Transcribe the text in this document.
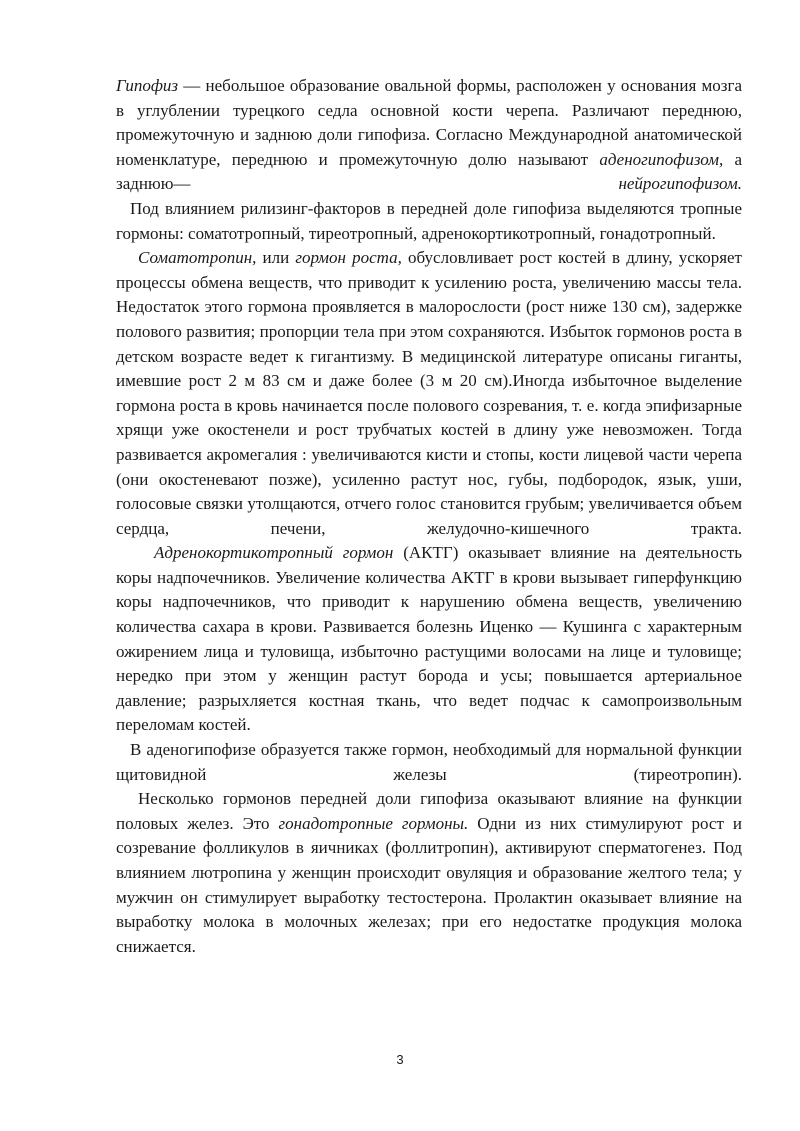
Гипофиз — небольшое образование овальной формы, расположен у основания мозга в углублении турецкого седла основной кости черепа. Различают переднюю, промежуточную и заднюю доли гипофиза. Согласно Международной анатомической номенклатуре, переднюю и промежуточную долю называют аденогипофизом, а заднюю— нейрогипофизом.

Под влиянием рилизинг-факторов в передней доле гипофиза выделяются тропные гормоны: соматотропный, тиреотропный, адренокортикотропный, гонадотропный.

Соматотропин, или гормон роста, обусловливает рост костей в длину, ускоряет процессы обмена веществ, что приводит к усилению роста, увеличению массы тела. Недостаток этого гормона проявляется в малорослости (рост ниже 130 см), задержке полового развития; пропорции тела при этом сохраняются. Избыток гормонов роста в детском возрасте ведет к гигантизму. В медицинской литературе описаны гиганты, имевшие рост 2 м 83 см и даже более (3 м 20 см).Иногда избыточное выделение гормона роста в кровь начинается после полового созревания, т. е. когда эпифизарные хрящи уже окостенели и рост трубчатых костей в длину уже невозможен. Тогда развивается акромегалия : увеличиваются кисти и стопы, кости лицевой части черепа (они окостеневают позже), усиленно растут нос, губы, подбородок, язык, уши, голосовые связки утолщаются, отчего голос становится грубым; увеличивается объем сердца, печени, желудочно-кишечного тракта.

Адренокортикотропный гормон (АКТГ) оказывает влияние на деятельность коры надпочечников. Увеличение количества АКТГ в крови вызывает гиперфункцию коры надпочечников, что приводит к нарушению обмена веществ, увеличению количества сахара в крови. Развивается болезнь Иценко — Кушинга с характерным ожирением лица и туловища, избыточно растущими волосами на лице и туловище; нередко при этом у женщин растут борода и усы; повышается артериальное давление; разрыхляется костная ткань, что ведет подчас к самопроизвольным переломам костей.

В аденогипофизе образуется также гормон, необходимый для нормальной функции щитовидной железы (тиреотропин).

Несколько гормонов передней доли гипофиза оказывают влияние на функции половых желез. Это гонадотропные гормоны. Одни из них стимулируют рост и созревание фолликулов в яичниках (фоллитропин), активируют сперматогенез. Под влиянием лютропина у женщин происходит овуляция и образование желтого тела; у мужчин он стимулирует выработку тестостерона. Пролактин оказывает влияние на выработку молока в молочных железах; при его недостатке продукция молока снижается.

3
